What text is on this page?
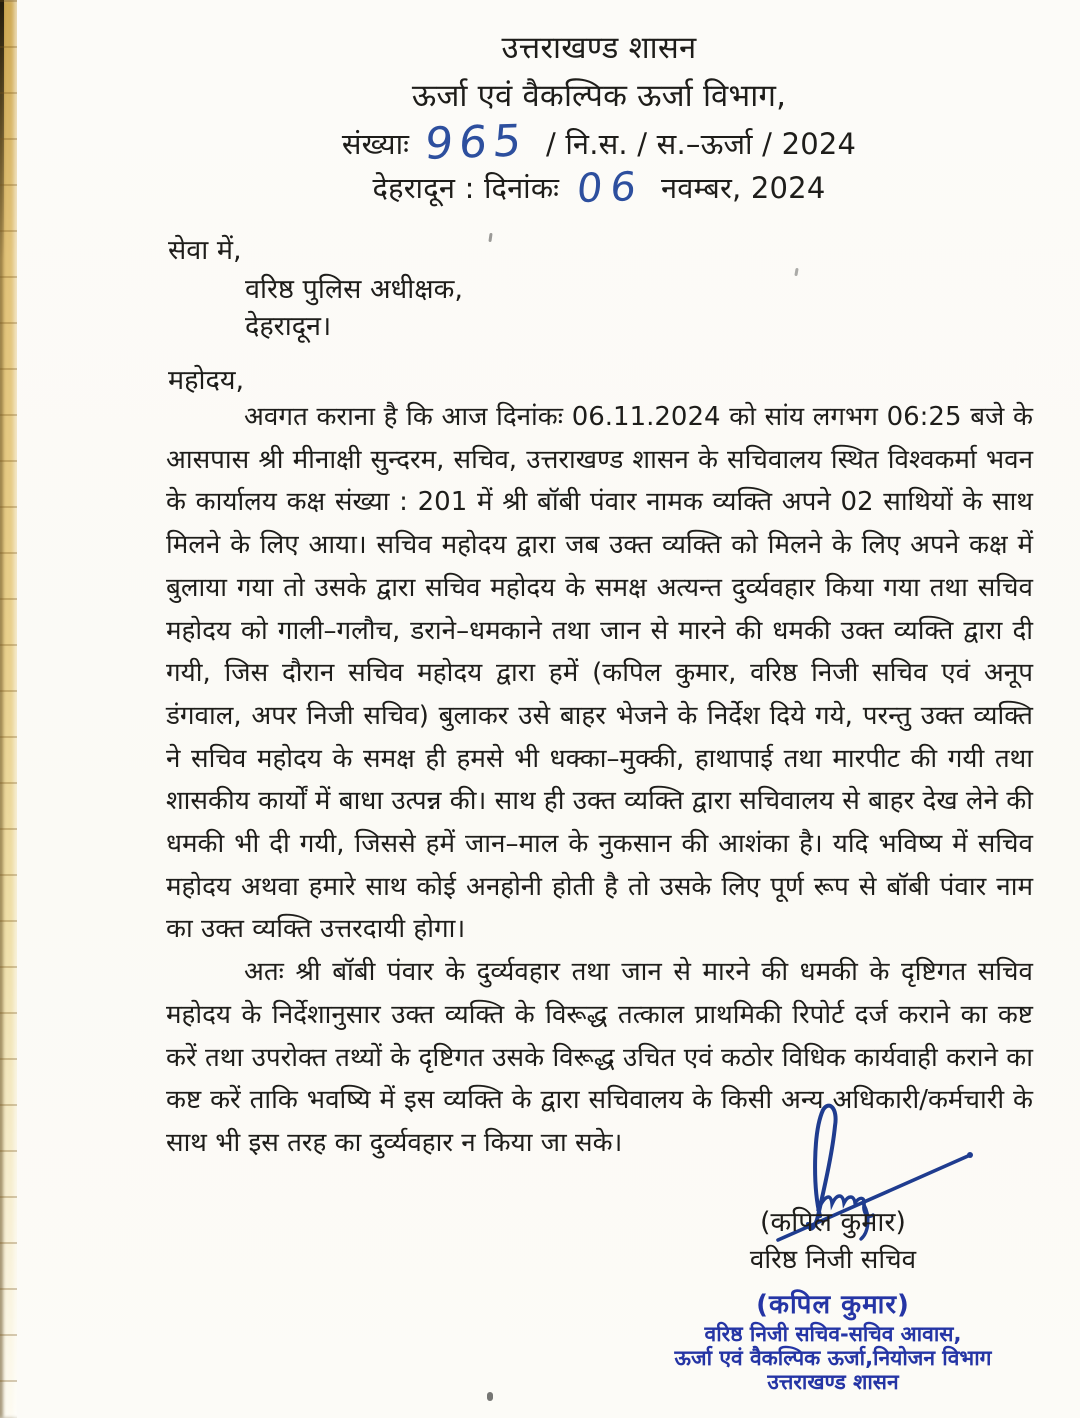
उत्तराखण्ड शासन
ऊर्जा एवं वैकल्पिक ऊर्जा विभाग,
संख्याः 965 / नि.स. / स.–ऊर्जा / 2024
देहरादून : दिनांकः 06 नवम्बर, 2024
सेवा में,
वरिष्ठ पुलिस अधीक्षक,
देहरादून।
महोदय,

अवगत कराना है कि आज दिनांकः 06.11.2024 को सांय लगभग 06:25 बजे के आसपास श्री मीनाक्षी सुन्दरम, सचिव, उत्तराखण्ड शासन के सचिवालय स्थित विश्वकर्मा भवन के कार्यालय कक्ष संख्या : 201 में श्री बॉबी पंवार नामक व्यक्ति अपने 02 साथियों के साथ मिलने के लिए आया। सचिव महोदय द्वारा जब उक्त व्यक्ति को मिलने के लिए अपने कक्ष में बुलाया गया तो उसके द्वारा सचिव महोदय के समक्ष अत्यन्त दुर्व्यवहार किया गया तथा सचिव महोदय को गाली–गलौच, डराने–धमकाने तथा जान से मारने की धमकी उक्त व्यक्ति द्वारा दी गयी, जिस दौरान सचिव महोदय द्वारा हमें (कपिल कुमार, वरिष्ठ निजी सचिव एवं अनूप डंगवाल, अपर निजी सचिव) बुलाकर उसे बाहर भेजने के निर्देश दिये गये, परन्तु उक्त व्यक्ति ने सचिव महोदय के समक्ष ही हमसे भी धक्का–मुक्की, हाथापाई तथा मारपीट की गयी तथा शासकीय कार्यों में बाधा उत्पन्न की। साथ ही उक्त व्यक्ति द्वारा सचिवालय से बाहर देख लेने की धमकी भी दी गयी, जिससे हमें जान–माल के नुकसान की आशंका है। यदि भविष्य में सचिव महोदय अथवा हमारे साथ कोई अनहोनी होती है तो उसके लिए पूर्ण रूप से बॉबी पंवार नाम का उक्त व्यक्ति उत्तरदायी होगा।

अतः श्री बॉबी पंवार के दुर्व्यवहार तथा जान से मारने की धमकी के दृष्टिगत सचिव महोदय के निर्देशानुसार उक्त व्यक्ति के विरूद्ध तत्काल प्राथमिकी रिपोर्ट दर्ज कराने का कष्ट करें तथा उपरोक्त तथ्यों के दृष्टिगत उसके विरूद्ध उचित एवं कठोर विधिक कार्यवाही कराने का कष्ट करें ताकि भवष्यि में इस व्यक्ति के द्वारा सचिवालय के किसी अन्य अधिकारी/कर्मचारी के साथ भी इस तरह का दुर्व्यवहार न किया जा सके।

(कपिल कुमार)
वरिष्ठ निजी सचिव
(कपिल कुमार)
वरिष्ठ निजी सचिव-सचिव आवास,
ऊर्जा एवं वैकल्पिक ऊर्जा,नियोजन विभाग
उत्तराखण्ड शासन
